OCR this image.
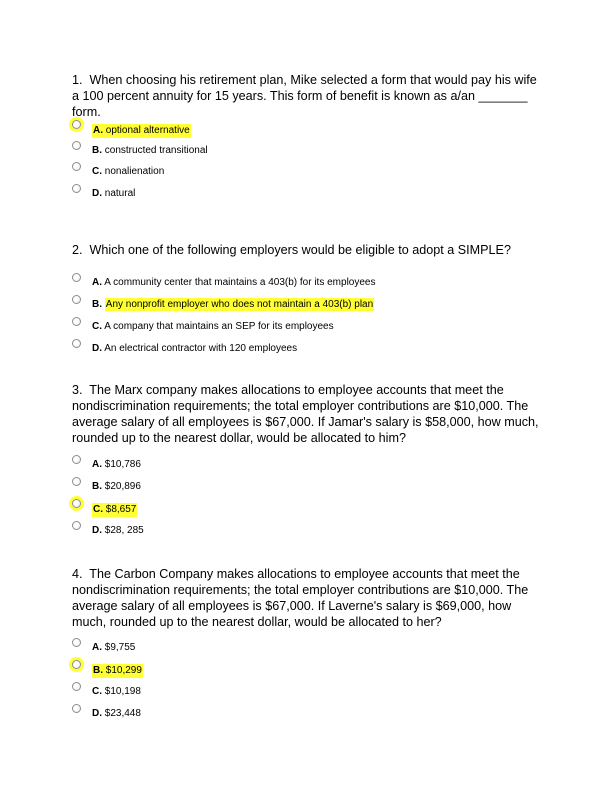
1. When choosing his retirement plan, Mike selected a form that would pay his wife a 100 percent annuity for 15 years. This form of benefit is known as a/an _______ form.

A. optional alternative
B. constructed transitional
C. nonalienation
D. natural

2. Which one of the following employers would be eligible to adopt a SIMPLE?

A. A community center that maintains a 403(b) for its employees
B. Any nonprofit employer who does not maintain a 403(b) plan
C. A company that maintains an SEP for its employees
D. An electrical contractor with 120 employees

3. The Marx company makes allocations to employee accounts that meet the nondiscrimination requirements; the total employer contributions are $10,000. The average salary of all employees is $67,000. If Jamar's salary is $58,000, how much, rounded up to the nearest dollar, would be allocated to him?

A. $10,786
B. $20,896
C. $8,657
D. $28, 285

4. The Carbon Company makes allocations to employee accounts that meet the nondiscrimination requirements; the total employer contributions are $10,000. The average salary of all employees is $67,000. If Laverne's salary is $69,000, how much, rounded up to the nearest dollar, would be allocated to her?

A. $9,755
B. $10,299
C. $10,198
D. $23,448
